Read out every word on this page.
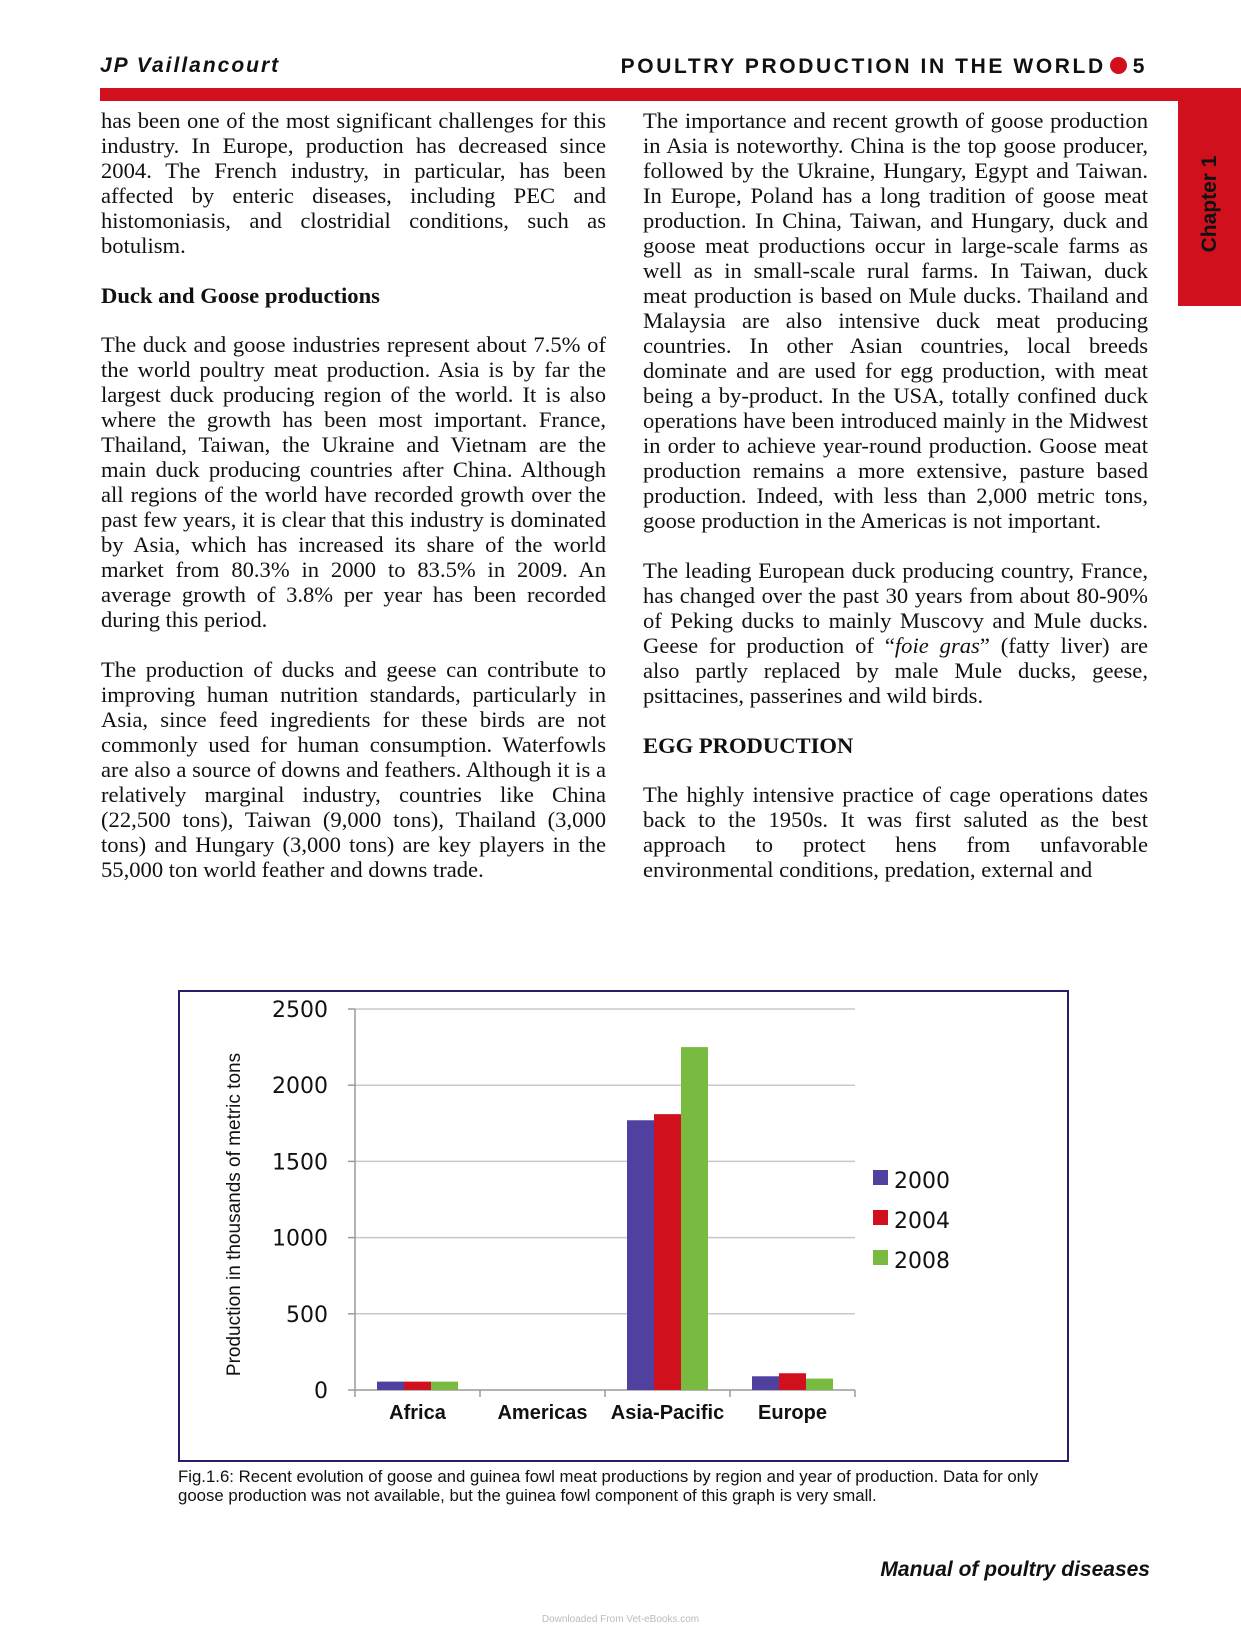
JP Vaillancourt	POULTRY PRODUCTION IN THE WORLD 5
Chapter 1

has been one of the most significant challenges for this industry. In Europe, production has decreased since 2004. The French industry, in particular, has been affected by enteric diseases, including PEC and histomoniasis, and clostridial conditions, such as botulism.

Duck and Goose productions

The duck and goose industries represent about 7.5% of the world poultry meat production. Asia is by far the largest duck producing region of the world. It is also where the growth has been most important. France, Thailand, Taiwan, the Ukraine and Vietnam are the main duck producing countries after China. Although all regions of the world have recorded growth over the past few years, it is clear that this industry is dominated by Asia, which has increased its share of the world market from 80.3% in 2000 to 83.5% in 2009. An average growth of 3.8% per year has been recorded during this period.

The production of ducks and geese can contribute to improving human nutrition standards, particularly in Asia, since feed ingredients for these birds are not commonly used for human consumption. Waterfowls are also a source of downs and feathers. Although it is a relatively marginal industry, countries like China (22,500 tons), Taiwan (9,000 tons), Thailand (3,000 tons) and Hungary (3,000 tons) are key players in the 55,000 ton world feather and downs trade.

The importance and recent growth of goose production in Asia is noteworthy. China is the top goose producer, followed by the Ukraine, Hungary, Egypt and Taiwan. In Europe, Poland has a long tradition of goose meat production. In China, Taiwan, and Hungary, duck and goose meat productions occur in large-scale farms as well as in small-scale rural farms. In Taiwan, duck meat production is based on Mule ducks. Thailand and Malaysia are also intensive duck meat producing countries. In other Asian countries, local breeds dominate and are used for egg production, with meat being a by-product. In the USA, totally confined duck operations have been introduced mainly in the Midwest in order to achieve year-round production. Goose meat production remains a more extensive, pasture based production. Indeed, with less than 2,000 metric tons, goose production in the Americas is not important.

The leading European duck producing country, France, has changed over the past 30 years from about 80-90% of Peking ducks to mainly Muscovy and Mule ducks. Geese for production of “foie gras” (fatty liver) are also partly replaced by male Mule ducks, geese, psittacines, passerines and wild birds.

EGG PRODUCTION

The highly intensive practice of cage operations dates back to the 1950s. It was first saluted as the best approach to protect hens from unfavorable environmental conditions, predation, external and

0
500
1000
1500
2000
2500
Africa	Americas Asia-Pacific Europe
Production in thousands of metric tons	2000
2004
2008
Fig.1.6: Recent evolution of goose and guinea fowl meat productions by region and year of production. Data for only goose production was not available, but the guinea fowl component of this graph is very small.
Manual of poultry diseases
Downloaded From Vet-eBooks.com
